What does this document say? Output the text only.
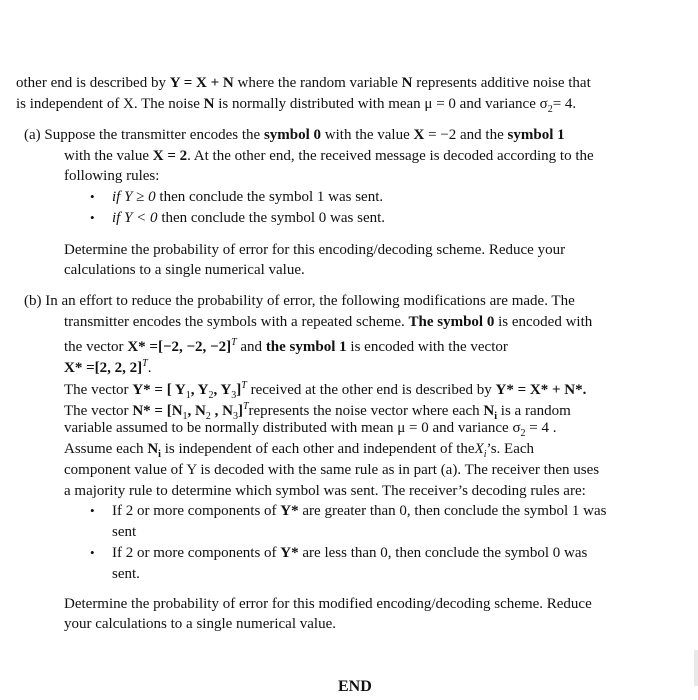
other end is described by Y = X + N where the random variable N represents additive noise that
is independent of X. The noise N is normally distributed with mean μ = 0 and variance $\sigma_2= 4$.
(a) Suppose the transmitter encodes the symbol 0 with the value X = −2 and the symbol 1
with the value X = 2. At the other end, the received message is decoded according to the
following rules:
• if Y ≥ 0 then conclude the symbol 1 was sent.
• if Y < 0 then conclude the symbol 0 was sent.
Determine the probability of error for this encoding/decoding scheme. Reduce your
calculations to a single numerical value.
(b) In an effort to reduce the probability of error, the following modifications are made. The
transmitter encodes the symbols with a repeated scheme. The symbol 0 is encoded with
the vector X* =[−2, −2, −2]$^T$ and the symbol 1 is encoded with the vector
X* =[2, 2, 2]$^T$.
The vector Y* = [ $Y_1$, $Y_2$, $Y_3]^T$ received at the other end is described by Y* = X* + N*.
The vector $N* = [N_1$, $N_2$ , $N_3]^Trepresents$ the noise vector where each $N_i$ is a random
variable assumed to be normally distributed with mean μ = 0 and variance $\sigma_2 = 4$ .
Assume each $N_i$ is independent of each other and independent of theX$_i$’s. Each
component value of Y is decoded with the same rule as in part (a). The receiver then uses
a majority rule to determine which symbol was sent. The receiver’s decoding rules are:
• If 2 or more components of Y* are greater than 0, then conclude the symbol 1 was
sent
• If 2 or more components of Y* are less than 0, then conclude the symbol 0 was
sent.
Determine the probability of error for this modified encoding/decoding scheme. Reduce
your calculations to a single numerical value.
END
